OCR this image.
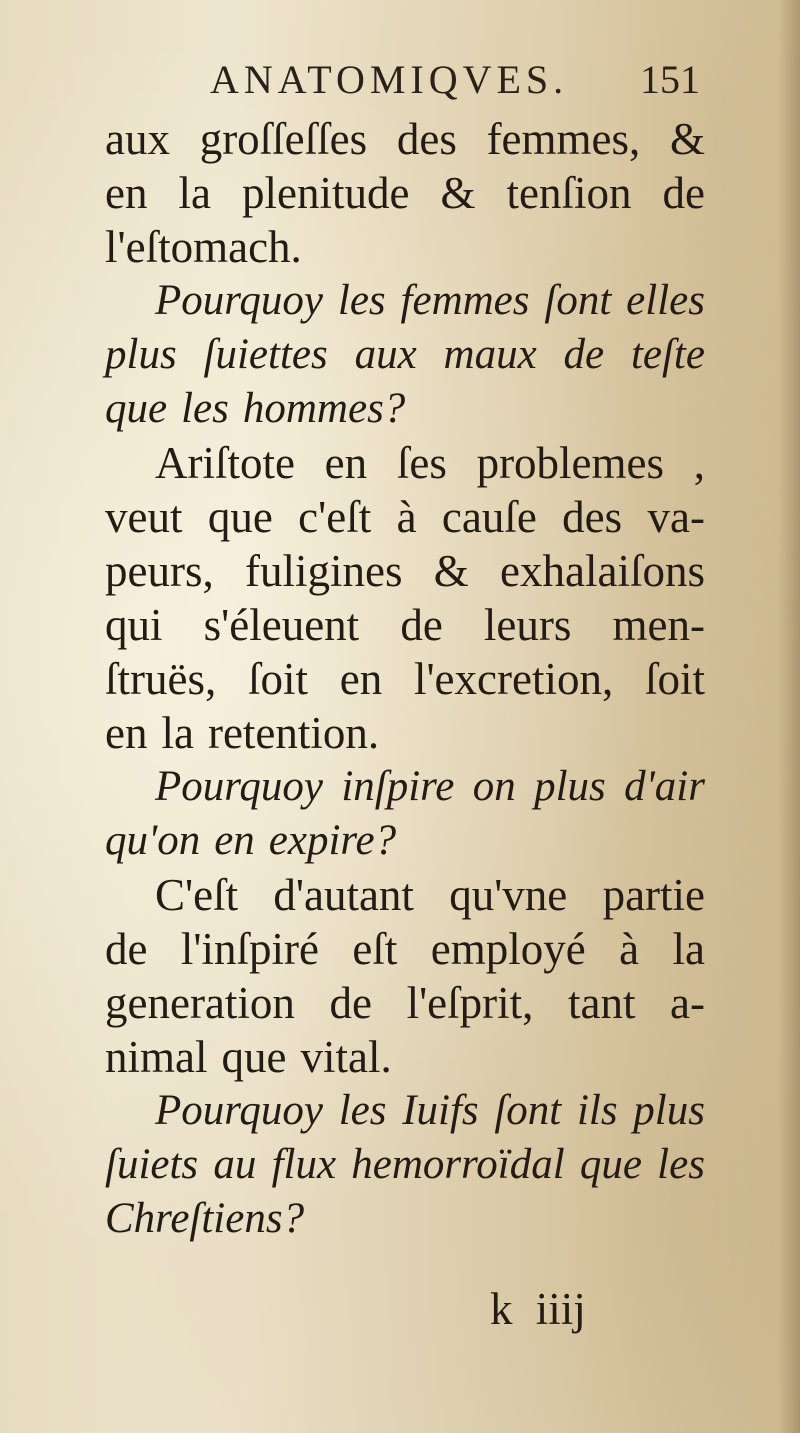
ANATOMIQVES. 151
aux groſſeſſes des femmes, &
en la plenitude & tenſion de
l'eſtomach.
Pourquoy les femmes ſont elles
plus ſuiettes aux maux de teſte
que les hommes?
Ariſtote en ſes problemes ,
veut que c'eſt à cauſe des va-
peurs, fuligines & exhalaiſons
qui s'éleuent de leurs men-
ſtruës, ſoit en l'excretion, ſoit
en la retention.
Pourquoy inſpire on plus d'air
qu'on en expire?
C'eſt d'autant qu'vne partie
de l'inſpiré eſt employé à la
generation de l'eſprit, tant a-
nimal que vital.
Pourquoy les Iuifs ſont ils plus
ſuiets au flux hemorroïdal que les
Chreſtiens?
k iiij
